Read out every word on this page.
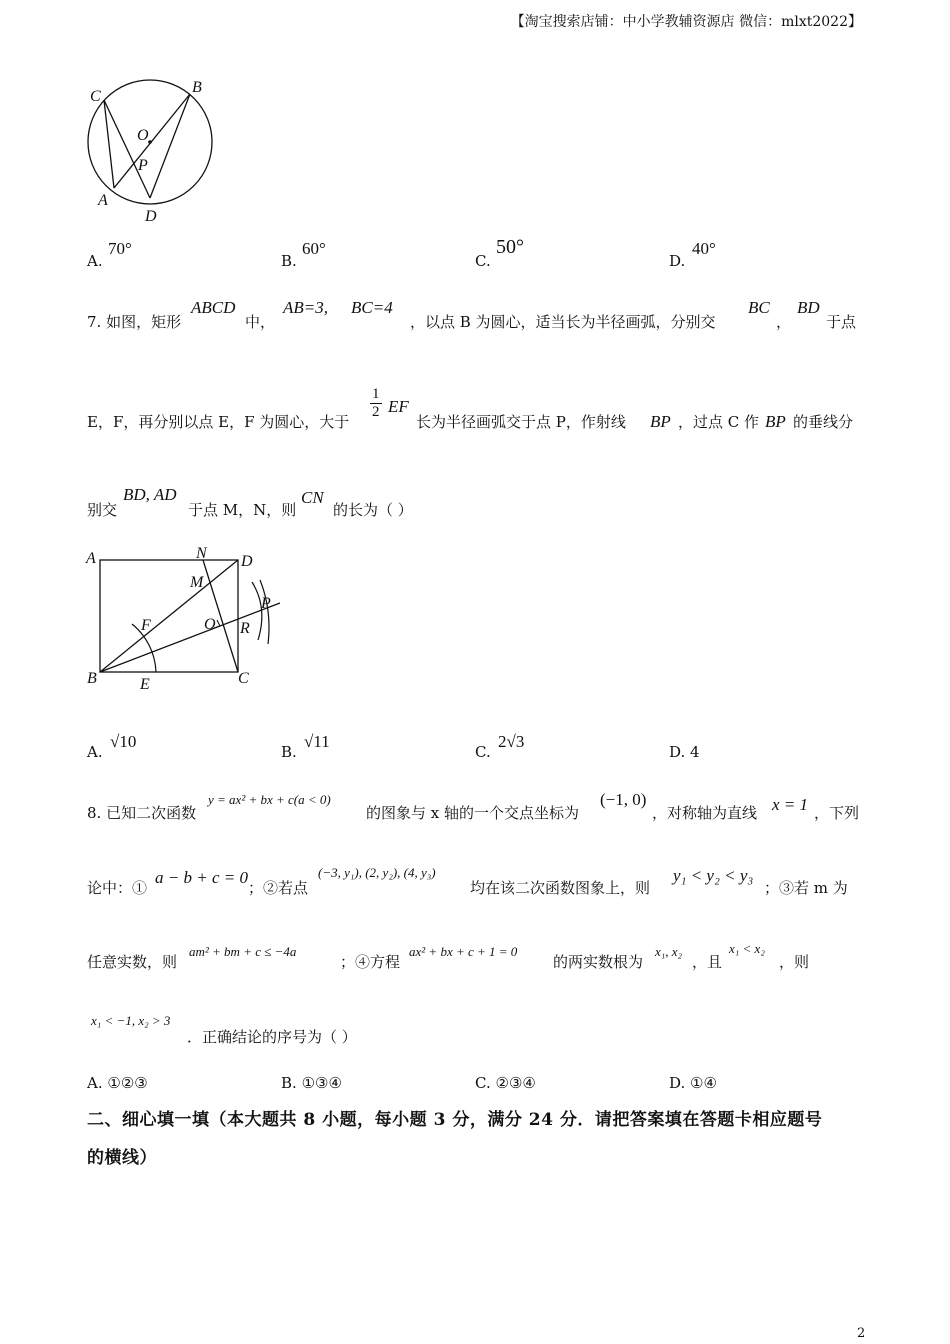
【淘宝搜索店铺：中小学教辅资源店 微信：mlxt2022】
C
B
O
P
A
D
A.
70°
B.
60°
C.
50°
D.
40°
7. 如图，矩形
ABCD
中，
AB=3, BC=4
，以点 B 为圆心，适当长为半径画弧，分别交
BC
，
BD
于点
E，F，再分别以点 E，F 为圆心，大于
$\frac{1}{2}$ EF
长为半径画弧交于点 P，作射线 BP ，过点 C 作 BP 的垂线分
别交
BD, AD
于点 M，N，则
CN
的长为（ ）
A	N D
M
P
F	O R
B	E	C
A.
√10
B.
√11
C.
2√3
D. 4
8. 已知二次函数
y = ax² + bx + c(a < 0)
的图象与 x 轴的一个交点坐标为
(−1, 0)
，对称轴为直线 x = 1 ，下列
论中：①
a − b + c = 0
；②若点
(−3, y₁), (2, y₂), (4, y₃)
均在该二次函数图象上，则
y₁ < y₂ < y₃
；③若 m 为
任意实数，则
am² + bm + c ≤ −4a
；④方程
ax² + bx + c + 1 = 0
的两实数根为
x₁, x₂
，且
x₁ < x₂
，则
x₁ < −1, x₂ > 3
．正确结论的序号为（ ）
A. ①②③	B. ①③④	C. ②③④	D. ①④
二、细心填一填（本大题共 8 小题，每小题 3 分，满分 24 分．请把答案填在答题卡相应题号
的横线）
2
